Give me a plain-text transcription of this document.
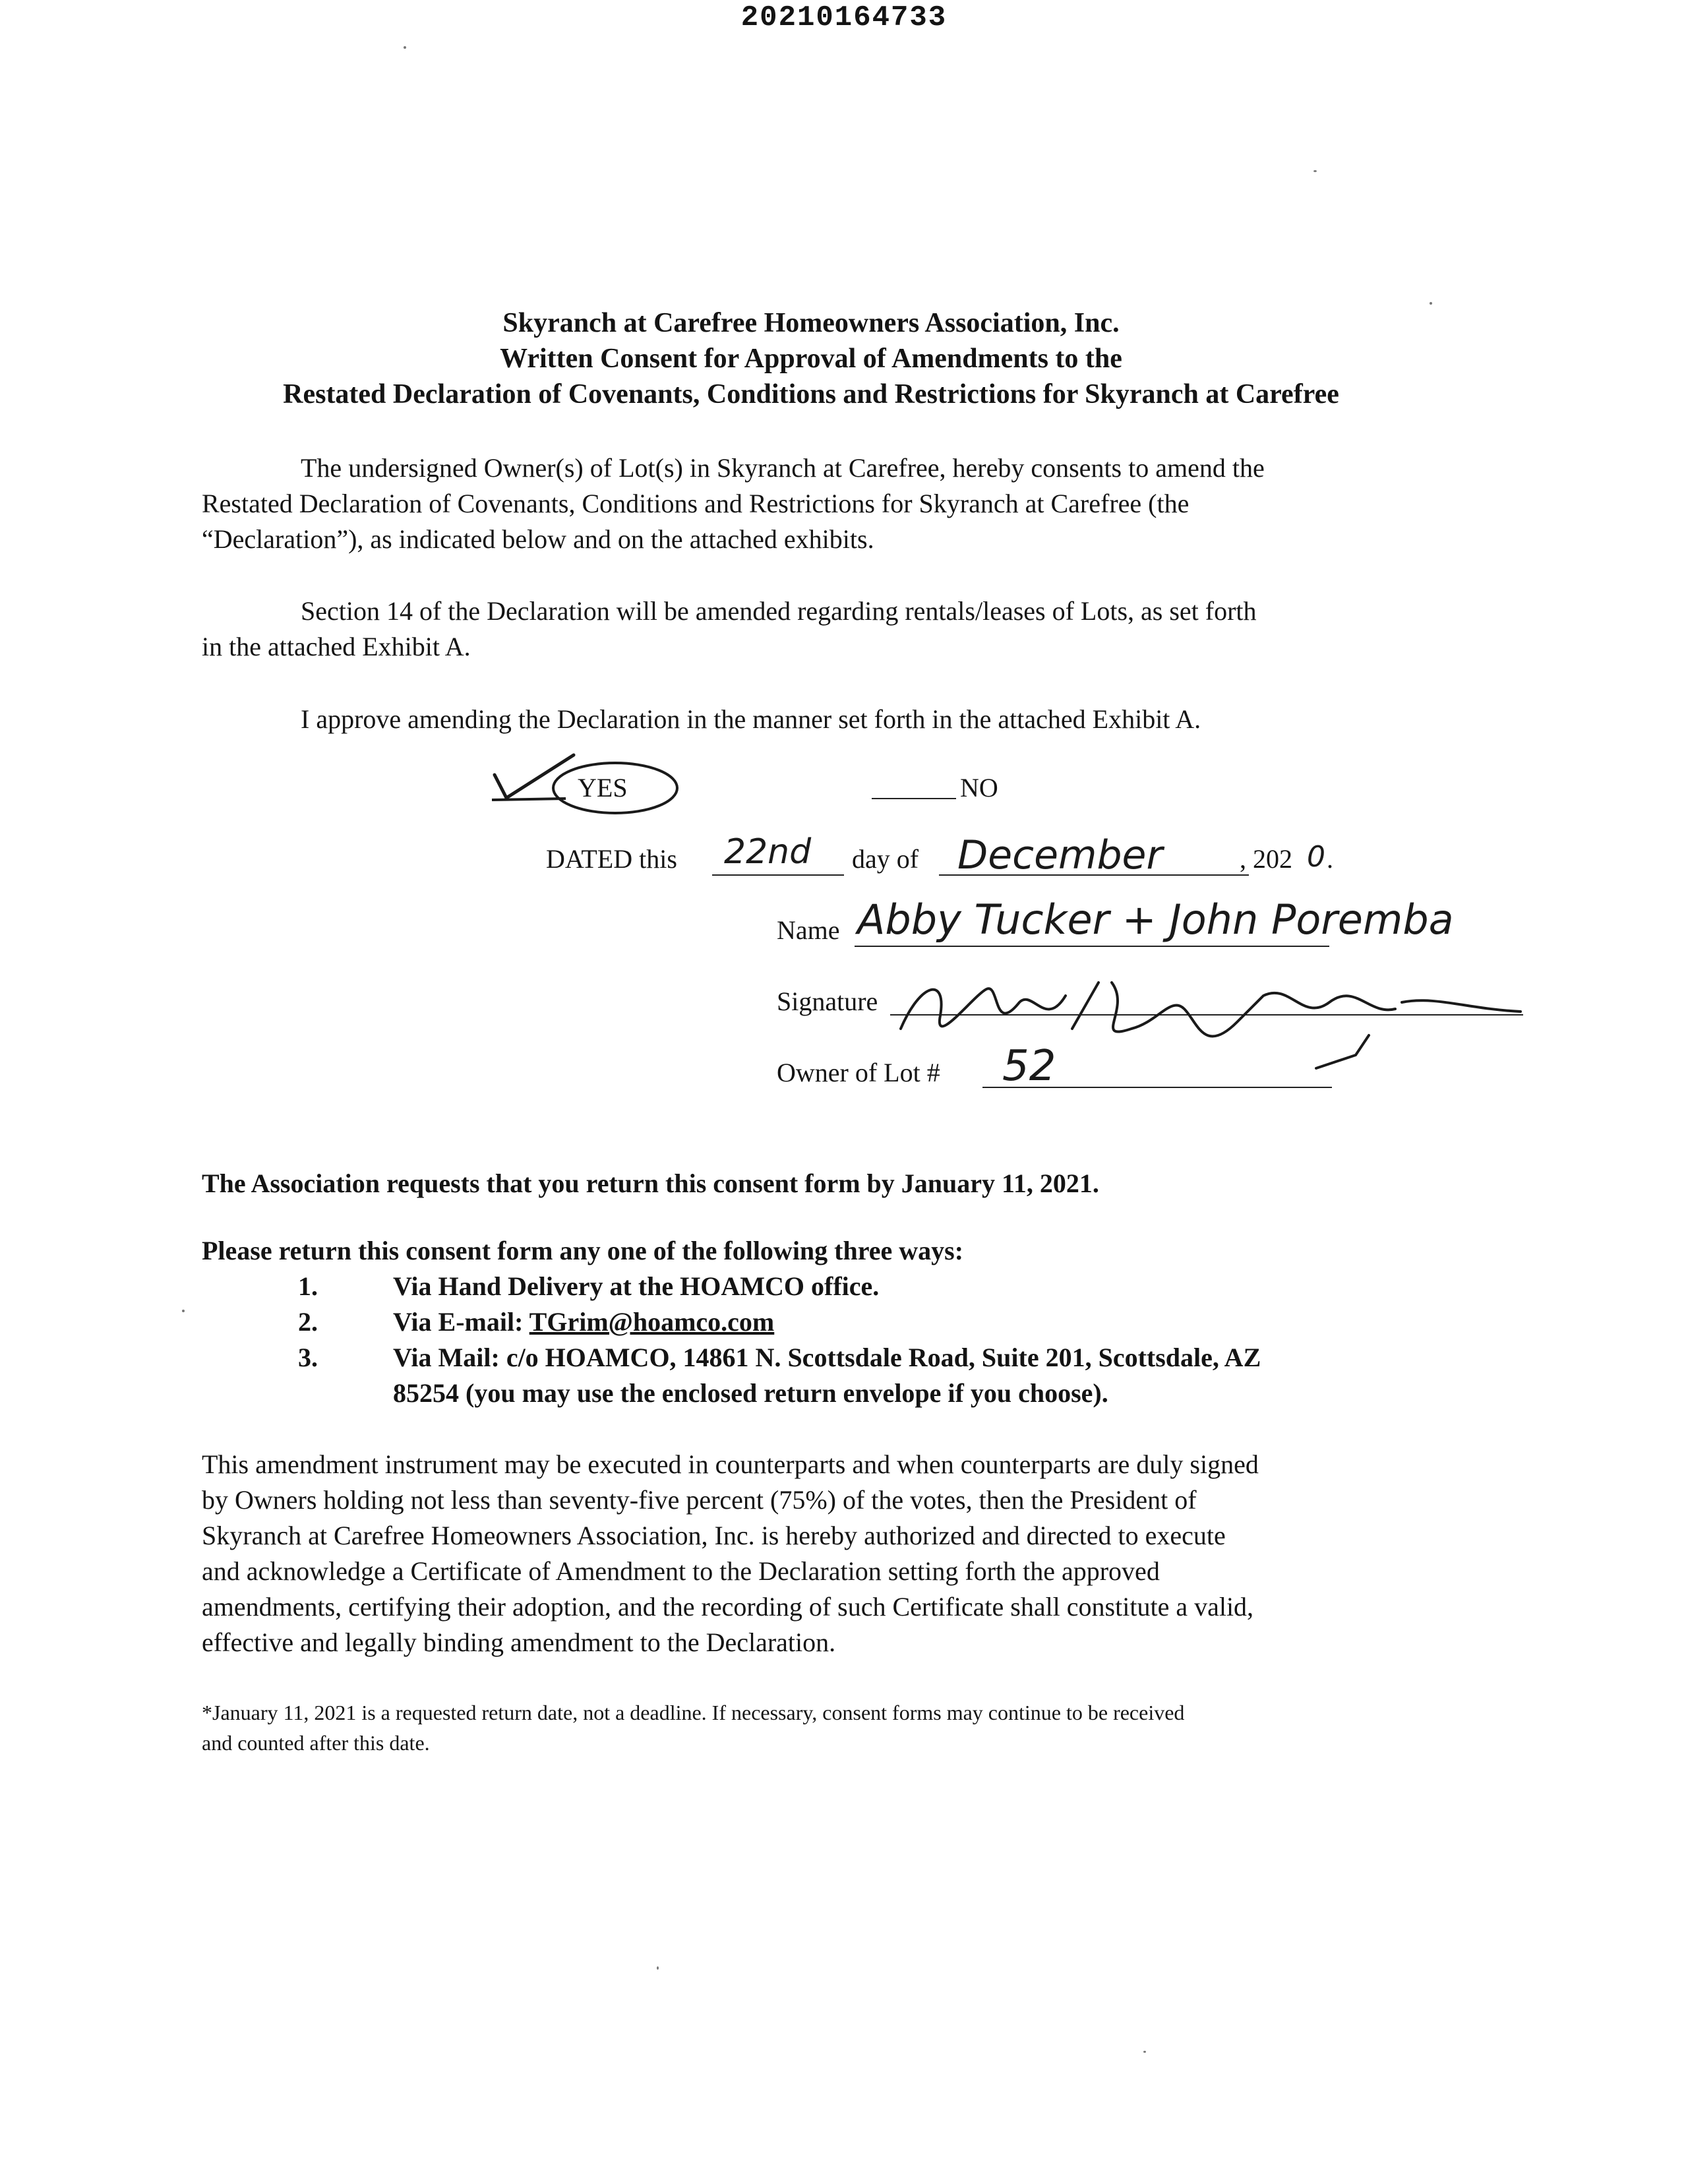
20210164733
Skyranch at Carefree Homeowners Association, Inc.
Written Consent for Approval of Amendments to the
Restated Declaration of Covenants, Conditions and Restrictions for Skyranch at Carefree
The undersigned Owner(s) of Lot(s) in Skyranch at Carefree, hereby consents to amend the
Restated Declaration of Covenants, Conditions and Restrictions for Skyranch at Carefree (the
“Declaration”), as indicated below and on the attached exhibits.
Section 14 of the Declaration will be amended regarding rentals/leases of Lots, as set forth
in the attached Exhibit A.
I approve amending the Declaration in the manner set forth in the attached Exhibit A.
YES	NO
DATED this 22nd day of December	, 202 0 .
Name Abby Tucker + John Poremba
Signature
Owner of Lot # 52
The Association requests that you return this consent form by January 11, 2021.
Please return this consent form any one of the following three ways:
1.	Via Hand Delivery at the HOAMCO office.
2.	Via E-mail: TGrim@hoamco.com
3.	Via Mail: c/o HOAMCO, 14861 N. Scottsdale Road, Suite 201, Scottsdale, AZ
85254 (you may use the enclosed return envelope if you choose).
This amendment instrument may be executed in counterparts and when counterparts are duly signed
by Owners holding not less than seventy-five percent (75%) of the votes, then the President of
Skyranch at Carefree Homeowners Association, Inc. is hereby authorized and directed to execute
and acknowledge a Certificate of Amendment to the Declaration setting forth the approved
amendments, certifying their adoption, and the recording of such Certificate shall constitute a valid,
effective and legally binding amendment to the Declaration.
*January 11, 2021 is a requested return date, not a deadline. If necessary, consent forms may continue to be received
and counted after this date.
